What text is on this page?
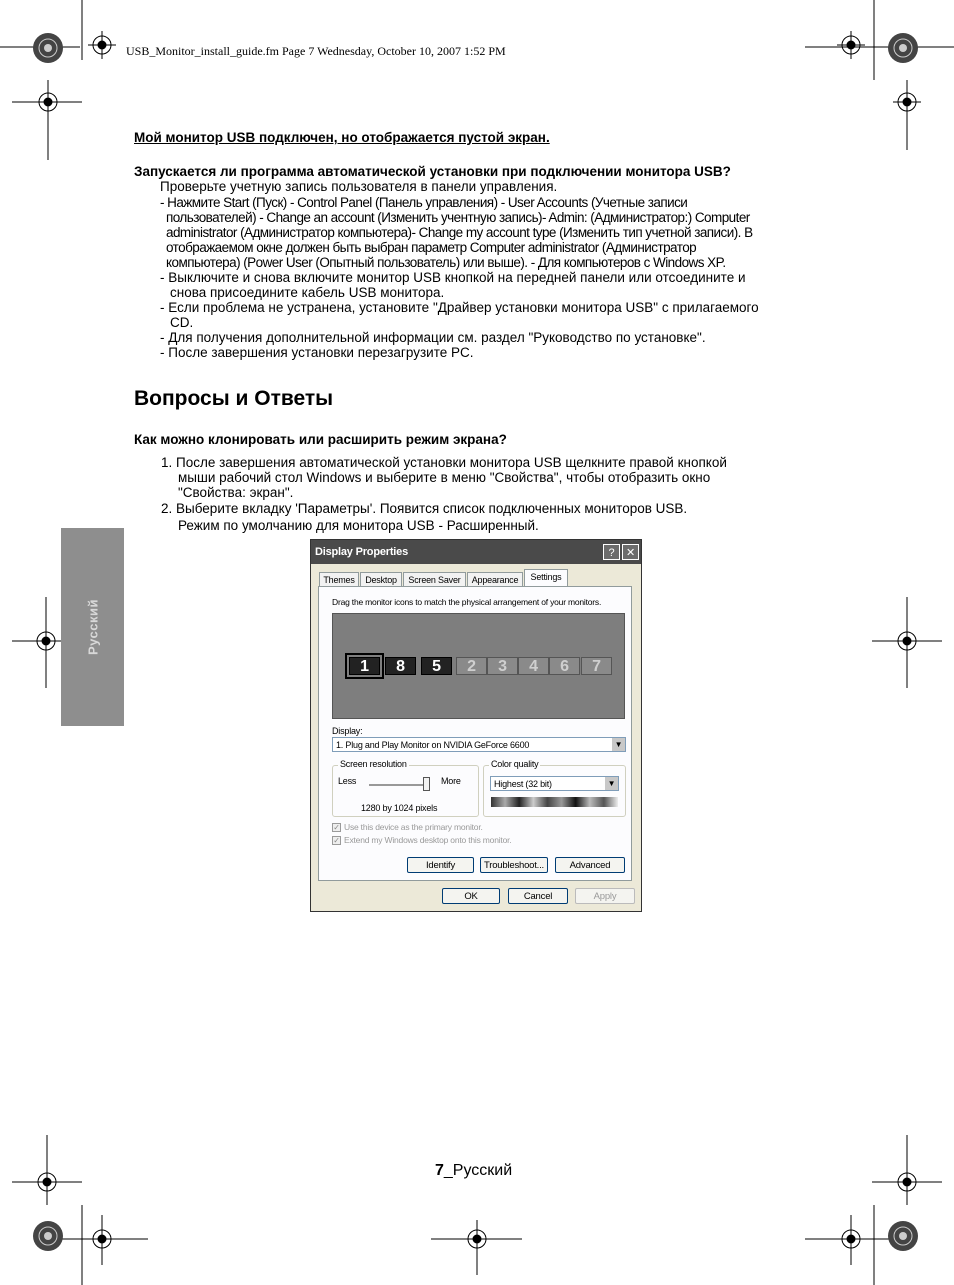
USB_Monitor_install_guide.fm Page 7 Wednesday, October 10, 2007 1:52 PM
Русский
Мой монитор USB подключен, но отображается пустой экран.
Запускается ли программа автоматической установки при подключении монитора USB?
Проверьте учетную запись пользователя в панели управления.
- Нажмите Start (Пуск) - Control Panel (Панель управления) - User Accounts (Учетные записи
пользователей) - Change an account (Изменить учентную запись)- Admin: (Администратор:) Computer
administrator (Администратор компьютера)- Change my account type (Изменить тип учетной записи). В
отображаемом окне должен быть выбран параметр Computer administrator (Администратор
компьютера) (Power User (Опытный пользователь) или выше). - Для компьютеров с Windows XP.
- Выключите и снова включите монитор USB кнопкой на передней панели или отсоедините и
снова присоедините кабель USB монитора.
- Если проблема не устранена, установите "Драйвер установки монитора USB" с прилагаемого
CD.
- Для получения дополнительной информации см. раздел "Руководство по установке".
- После завершения установки перезагрузите PC.
Вопросы и Ответы
Как можно клонировать или расширить режим экрана?
1. После завершения автоматической установки монитора USB щелкните правой кнопкой
мыши рабочий стол Windows и выберите в меню "Свойства", чтобы отобразить окно
"Свойства: экран".
2. Выберите вкладку 'Параметры'. Появится список подключенных мониторов USB.
Режим по умолчанию для монитора USB - Расширенный.
Display Properties	?	✕
Themes	Desktop	Screen Saver	Appearance	Settings
Drag the monitor icons to match the physical arrangement of your monitors.
1	8	5	2	3	4	6	7
Display:
1. Plug and Play Monitor on NVIDIA GeForce 6600	▼
Screen resolution
Less	More
1280 by 1024 pixels
Color quality
Highest (32 bit)	▼
✓ Use this device as the primary monitor.
✓ Extend my Windows desktop onto this monitor.
Identify	Troubleshoot...	Advanced
OK	Cancel	Apply
7_Русский
